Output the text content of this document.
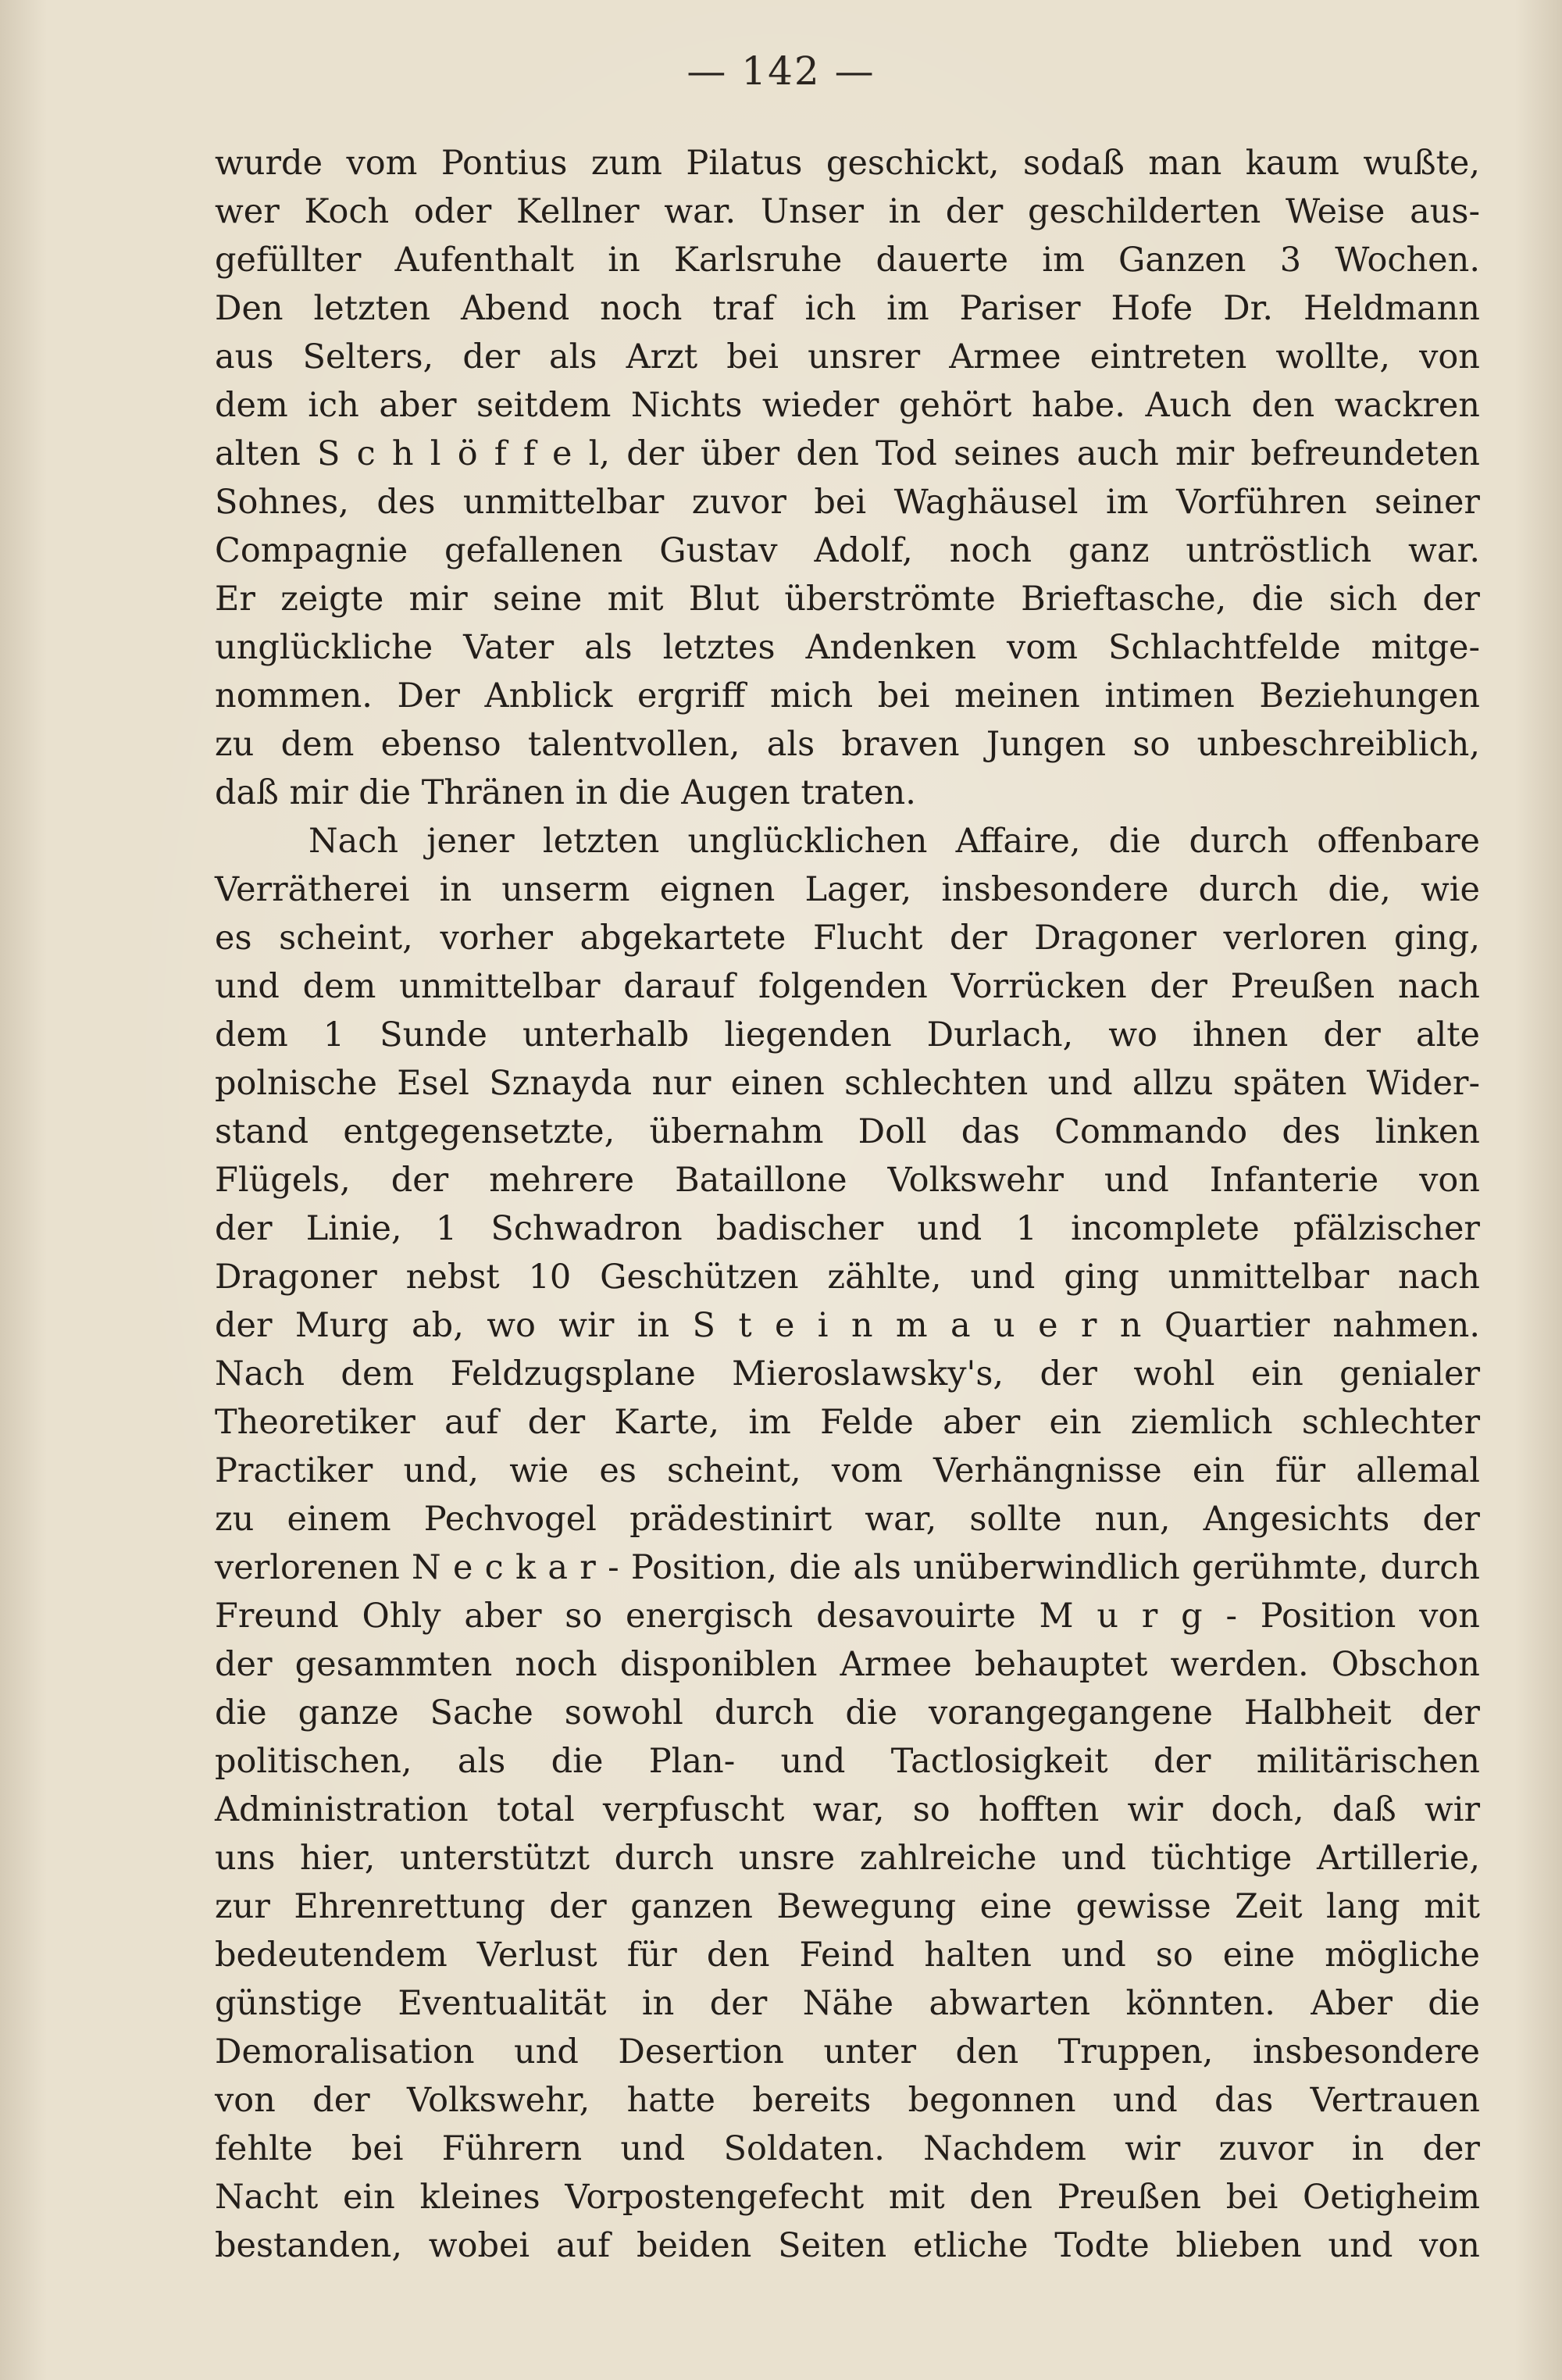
— 142 —
wurde vom Pontius zum Pilatus geschickt, sodaß man kaum wußte,
wer Koch oder Kellner war. Unser in der geschilderten Weise aus-
gefüllter Aufenthalt in Karlsruhe dauerte im Ganzen 3 Wochen.
Den letzten Abend noch traf ich im Pariser Hofe Dr. Heldmann
aus Selters, der als Arzt bei unsrer Armee eintreten wollte, von
dem ich aber seitdem Nichts wieder gehört habe. Auch den wackren
alten S c h l ö f f e l, der über den Tod seines auch mir befreundeten
Sohnes, des unmittelbar zuvor bei Waghäusel im Vorführen seiner
Compagnie gefallenen Gustav Adolf, noch ganz untröstlich war.
Er zeigte mir seine mit Blut überströmte Brieftasche, die sich der
unglückliche Vater als letztes Andenken vom Schlachtfelde mitge-
nommen. Der Anblick ergriff mich bei meinen intimen Beziehungen
zu dem ebenso talentvollen, als braven Jungen so unbeschreiblich,
daß mir die Thränen in die Augen traten.
Nach jener letzten unglücklichen Affaire, die durch offenbare
Verrätherei in unserm eignen Lager, insbesondere durch die, wie
es scheint, vorher abgekartete Flucht der Dragoner verloren ging,
und dem unmittelbar darauf folgenden Vorrücken der Preußen nach
dem 1 Sunde unterhalb liegenden Durlach, wo ihnen der alte
polnische Esel Sznayda nur einen schlechten und allzu späten Wider-
stand entgegensetzte, übernahm Doll das Commando des linken
Flügels, der mehrere Bataillone Volkswehr und Infanterie von
der Linie, 1 Schwadron badischer und 1 incomplete pfälzischer
Dragoner nebst 10 Geschützen zählte, und ging unmittelbar nach
der Murg ab, wo wir in S t e i n m a u e r n Quartier nahmen.
Nach dem Feldzugsplane Mieroslawsky's, der wohl ein genialer
Theoretiker auf der Karte, im Felde aber ein ziemlich schlechter
Practiker und, wie es scheint, vom Verhängnisse ein für allemal
zu einem Pechvogel prädestinirt war, sollte nun, Angesichts der
verlorenen N e c k a r - Position, die als unüberwindlich gerühmte, durch
Freund Ohly aber so energisch desavouirte M u r g - Position von
der gesammten noch disponiblen Armee behauptet werden. Obschon
die ganze Sache sowohl durch die vorangegangene Halbheit der
politischen, als die Plan- und Tactlosigkeit der militärischen
Administration total verpfuscht war, so hofften wir doch, daß wir
uns hier, unterstützt durch unsre zahlreiche und tüchtige Artillerie,
zur Ehrenrettung der ganzen Bewegung eine gewisse Zeit lang mit
bedeutendem Verlust für den Feind halten und so eine mögliche
günstige Eventualität in der Nähe abwarten könnten. Aber die
Demoralisation und Desertion unter den Truppen, insbesondere
von der Volkswehr, hatte bereits begonnen und das Vertrauen
fehlte bei Führern und Soldaten. Nachdem wir zuvor in der
Nacht ein kleines Vorpostengefecht mit den Preußen bei Oetigheim
bestanden, wobei auf beiden Seiten etliche Todte blieben und von
